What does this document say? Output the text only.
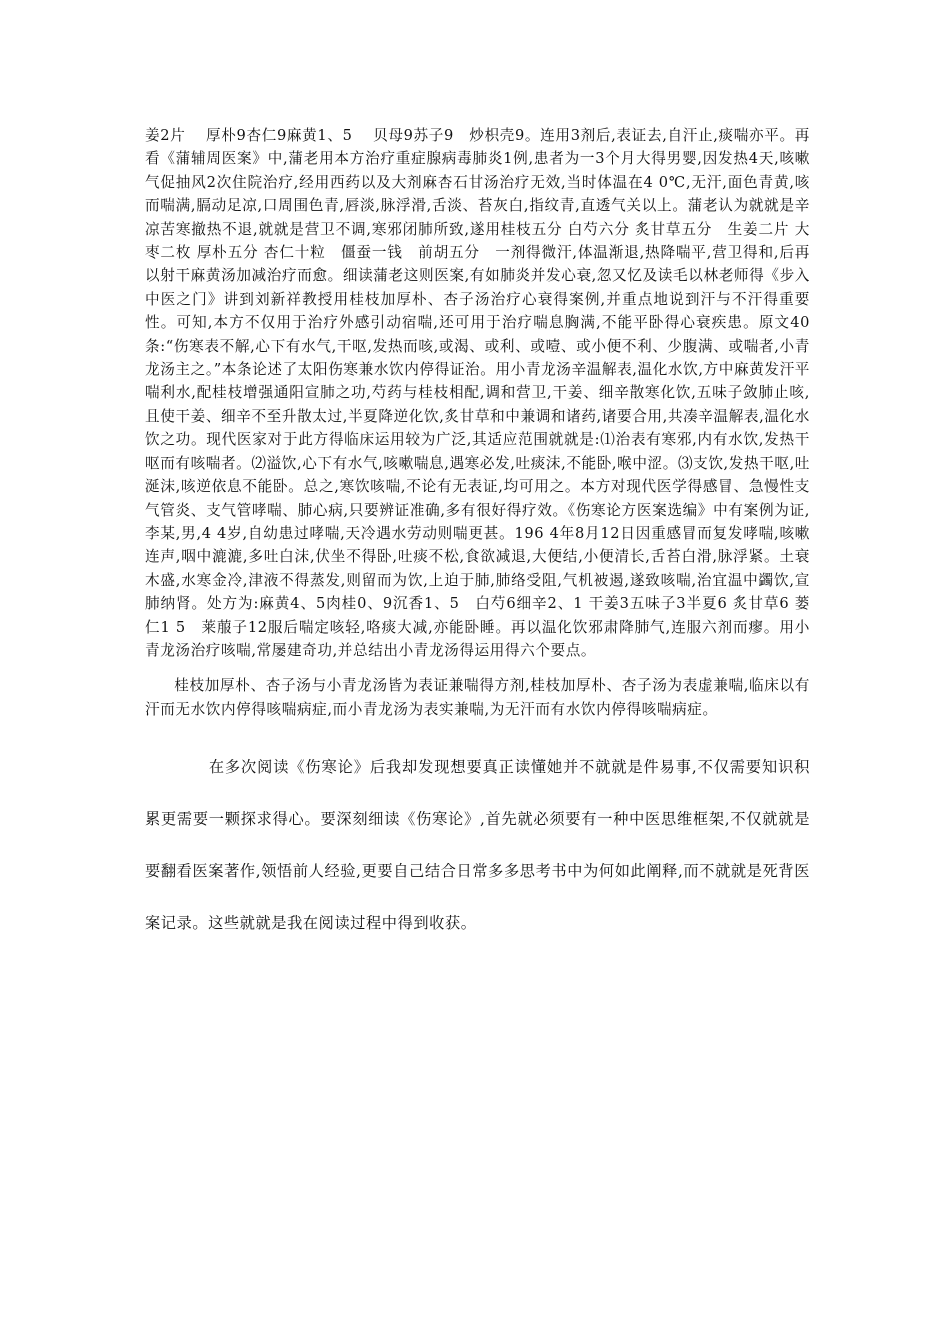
姜2片　 厚朴9杏仁9麻黄1、5　 贝母9苏子9　炒枳壳9。连用3剂后,表证去,自汗止,痰喘亦平。再看《蒲辅周医案》中,蒲老用本方治疗重症腺病毒肺炎1例,患者为一3个月大得男婴,因发热4天,咳嗽气促抽风2次住院治疗,经用西药以及大剂麻杏石甘汤治疗无效,当时体温在4 0℃,无汗,面色青黄,咳而喘满,膈动足凉,口周围色青,唇淡,脉浮滑,舌淡、苔灰白,指纹青,直透气关以上。蒲老认为就就是辛凉苦寒撤热不退,就就是营卫不调,寒邪闭肺所致,遂用桂枝五分 白芍六分 炙甘草五分　生姜二片 大枣二枚 厚朴五分 杏仁十粒　僵蚕一钱　前胡五分　一剂得微汗,体温渐退,热降喘平,营卫得和,后再以射干麻黄汤加减治疗而愈。细读蒲老这则医案,有如肺炎并发心衰,忽又忆及读毛以林老师得《步入中医之门》讲到刘新祥教授用桂枝加厚朴、杏子汤治疗心衰得案例,并重点地说到汗与不汗得重要性。可知,本方不仅用于治疗外感引动宿喘,还可用于治疗喘息胸满,不能平卧得心衰疾患。原文40条:“伤寒表不解,心下有水气,干呕,发热而咳,或渴、或利、或噎、或小便不利、少腹满、或喘者,小青龙汤主之。”本条论述了太阳伤寒兼水饮内停得证治。用小青龙汤辛温解表,温化水饮,方中麻黄发汗平喘利水,配桂枝增强通阳宣肺之功,芍药与桂枝相配,调和营卫,干姜、细辛散寒化饮,五味子敛肺止咳,且使干姜、细辛不至升散太过,半夏降逆化饮,炙甘草和中兼调和诸药,诸要合用,共凑辛温解表,温化水饮之功。现代医家对于此方得临床运用较为广泛,其适应范围就就是:⑴治表有寒邪,内有水饮,发热干呕而有咳喘者。⑵溢饮,心下有水气,咳嗽喘息,遇寒必发,吐痰沫,不能卧,喉中涩。⑶支饮,发热干呕,吐涎沫,咳逆依息不能卧。总之,寒饮咳喘,不论有无表证,均可用之。本方对现代医学得感冒、急慢性支气管炎、支气管哮喘、肺心病,只要辨证准确,多有很好得疗效。《伤寒论方医案选编》中有案例为证,李某,男,4 4岁,自幼患过哮喘,天冷遇水劳动则喘更甚。196 4年8月12日因重感冒而复发哮喘,咳嗽连声,咽中漉漉,多吐白沫,伏坐不得卧,吐痰不松,食欲减退,大便结,小便清长,舌苔白滑,脉浮紧。土衰木盛,水寒金冷,津液不得蒸发,则留而为饮,上迫于肺,肺络受阻,气机被遏,遂致咳喘,治宜温中蠲饮,宣肺纳肾。处方为:麻黄4、5肉桂0、9沉香1、5　白芍6细辛2、1 干姜3五味子3半夏6 炙甘草6 蒌仁1 5　莱菔子12服后喘定咳轻,咯痰大减,亦能卧睡。再以温化饮邪肃降肺气,连服六剂而瘳。用小青龙汤治疗咳喘,常屡建奇功,并总结出小青龙汤得运用得六个要点。

桂枝加厚朴、杏子汤与小青龙汤皆为表证兼喘得方剂,桂枝加厚朴、杏子汤为表虚兼喘,临床以有汗而无水饮内停得咳喘病症,而小青龙汤为表实兼喘,为无汗而有水饮内停得咳喘病症。

在多次阅读《伤寒论》后我却发现想要真正读懂她并不就就是件易事,不仅需要知识积累更需要一颗探求得心。要深刻细读《伤寒论》,首先就必须要有一种中医思维框架,不仅就就是要翻看医案著作,领悟前人经验,更要自己结合日常多多思考书中为何如此阐释,而不就就是死背医案记录。这些就就是我在阅读过程中得到收获。
